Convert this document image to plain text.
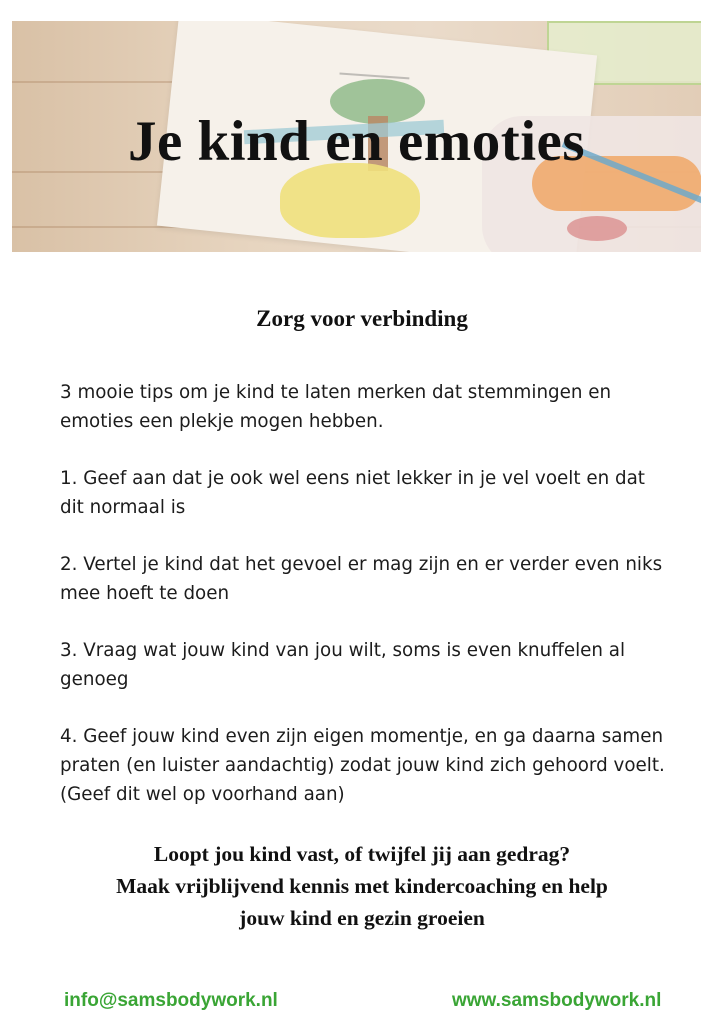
Je kind en emoties
Zorg voor verbinding

3 mooie tips om je kind te laten merken dat stemmingen en emoties een plekje mogen hebben.

1. Geef aan dat je ook wel eens niet lekker in je vel voelt en dat dit normaal is

2. Vertel je kind dat het gevoel er mag zijn en er verder even niks mee hoeft te doen

3. Vraag wat jouw kind van jou wilt, soms is even knuffelen al genoeg

4. Geef jouw kind even zijn eigen momentje, en ga daarna samen praten (en luister aandachtig) zodat jouw kind zich gehoord voelt. (Geef dit wel op voorhand aan)

Loopt jou kind vast, of twijfel jij aan gedrag?
Maak vrijblijvend kennis met kindercoaching en help
jouw kind en gezin groeien
info@samsbodywork.nl	www.samsbodywork.nl
